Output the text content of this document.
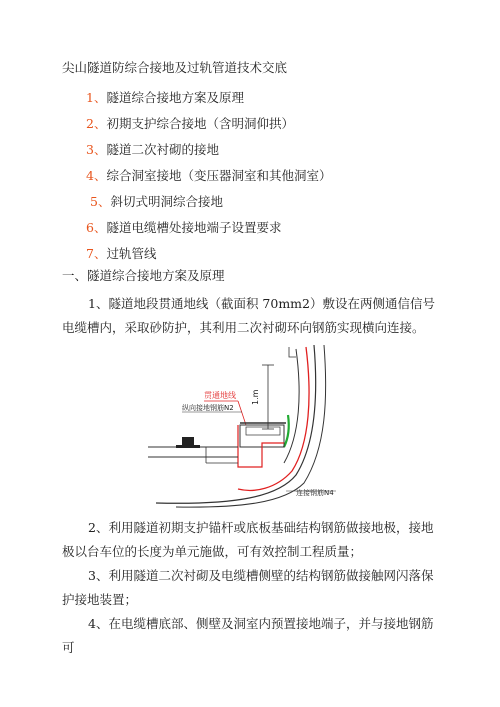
尖山隧道防综合接地及过轨管道技术交底
1、隧道综合接地方案及原理
2、初期支护综合接地（含明洞仰拱）
3、隧道二次衬砌的接地
4、综合洞室接地（变压器洞室和其他洞室）
5、斜切式明洞综合接地
6、隧道电缆槽处接地端子设置要求
7、过轨管线
一、隧道综合接地方案及原理
1、隧道地段贯通地线（截面积 70mm2）敷设在两侧通信信号电缆槽内，采取砂防护，其利用二次衬砌环向钢筋实现横向连接。
1.m
贯通地线
纵向接地钢筋N2
连接钢筋N4
2、利用隧道初期支护锚杆或底板基础结构钢筋做接地极，接地极以台车位的长度为单元施做，可有效控制工程质量；
3、利用隧道二次衬砌及电缆槽侧壁的结构钢筋做接触网闪落保护接地装置；
4、在电缆槽底部、侧壁及洞室内预置接地端子，并与接地钢筋可
